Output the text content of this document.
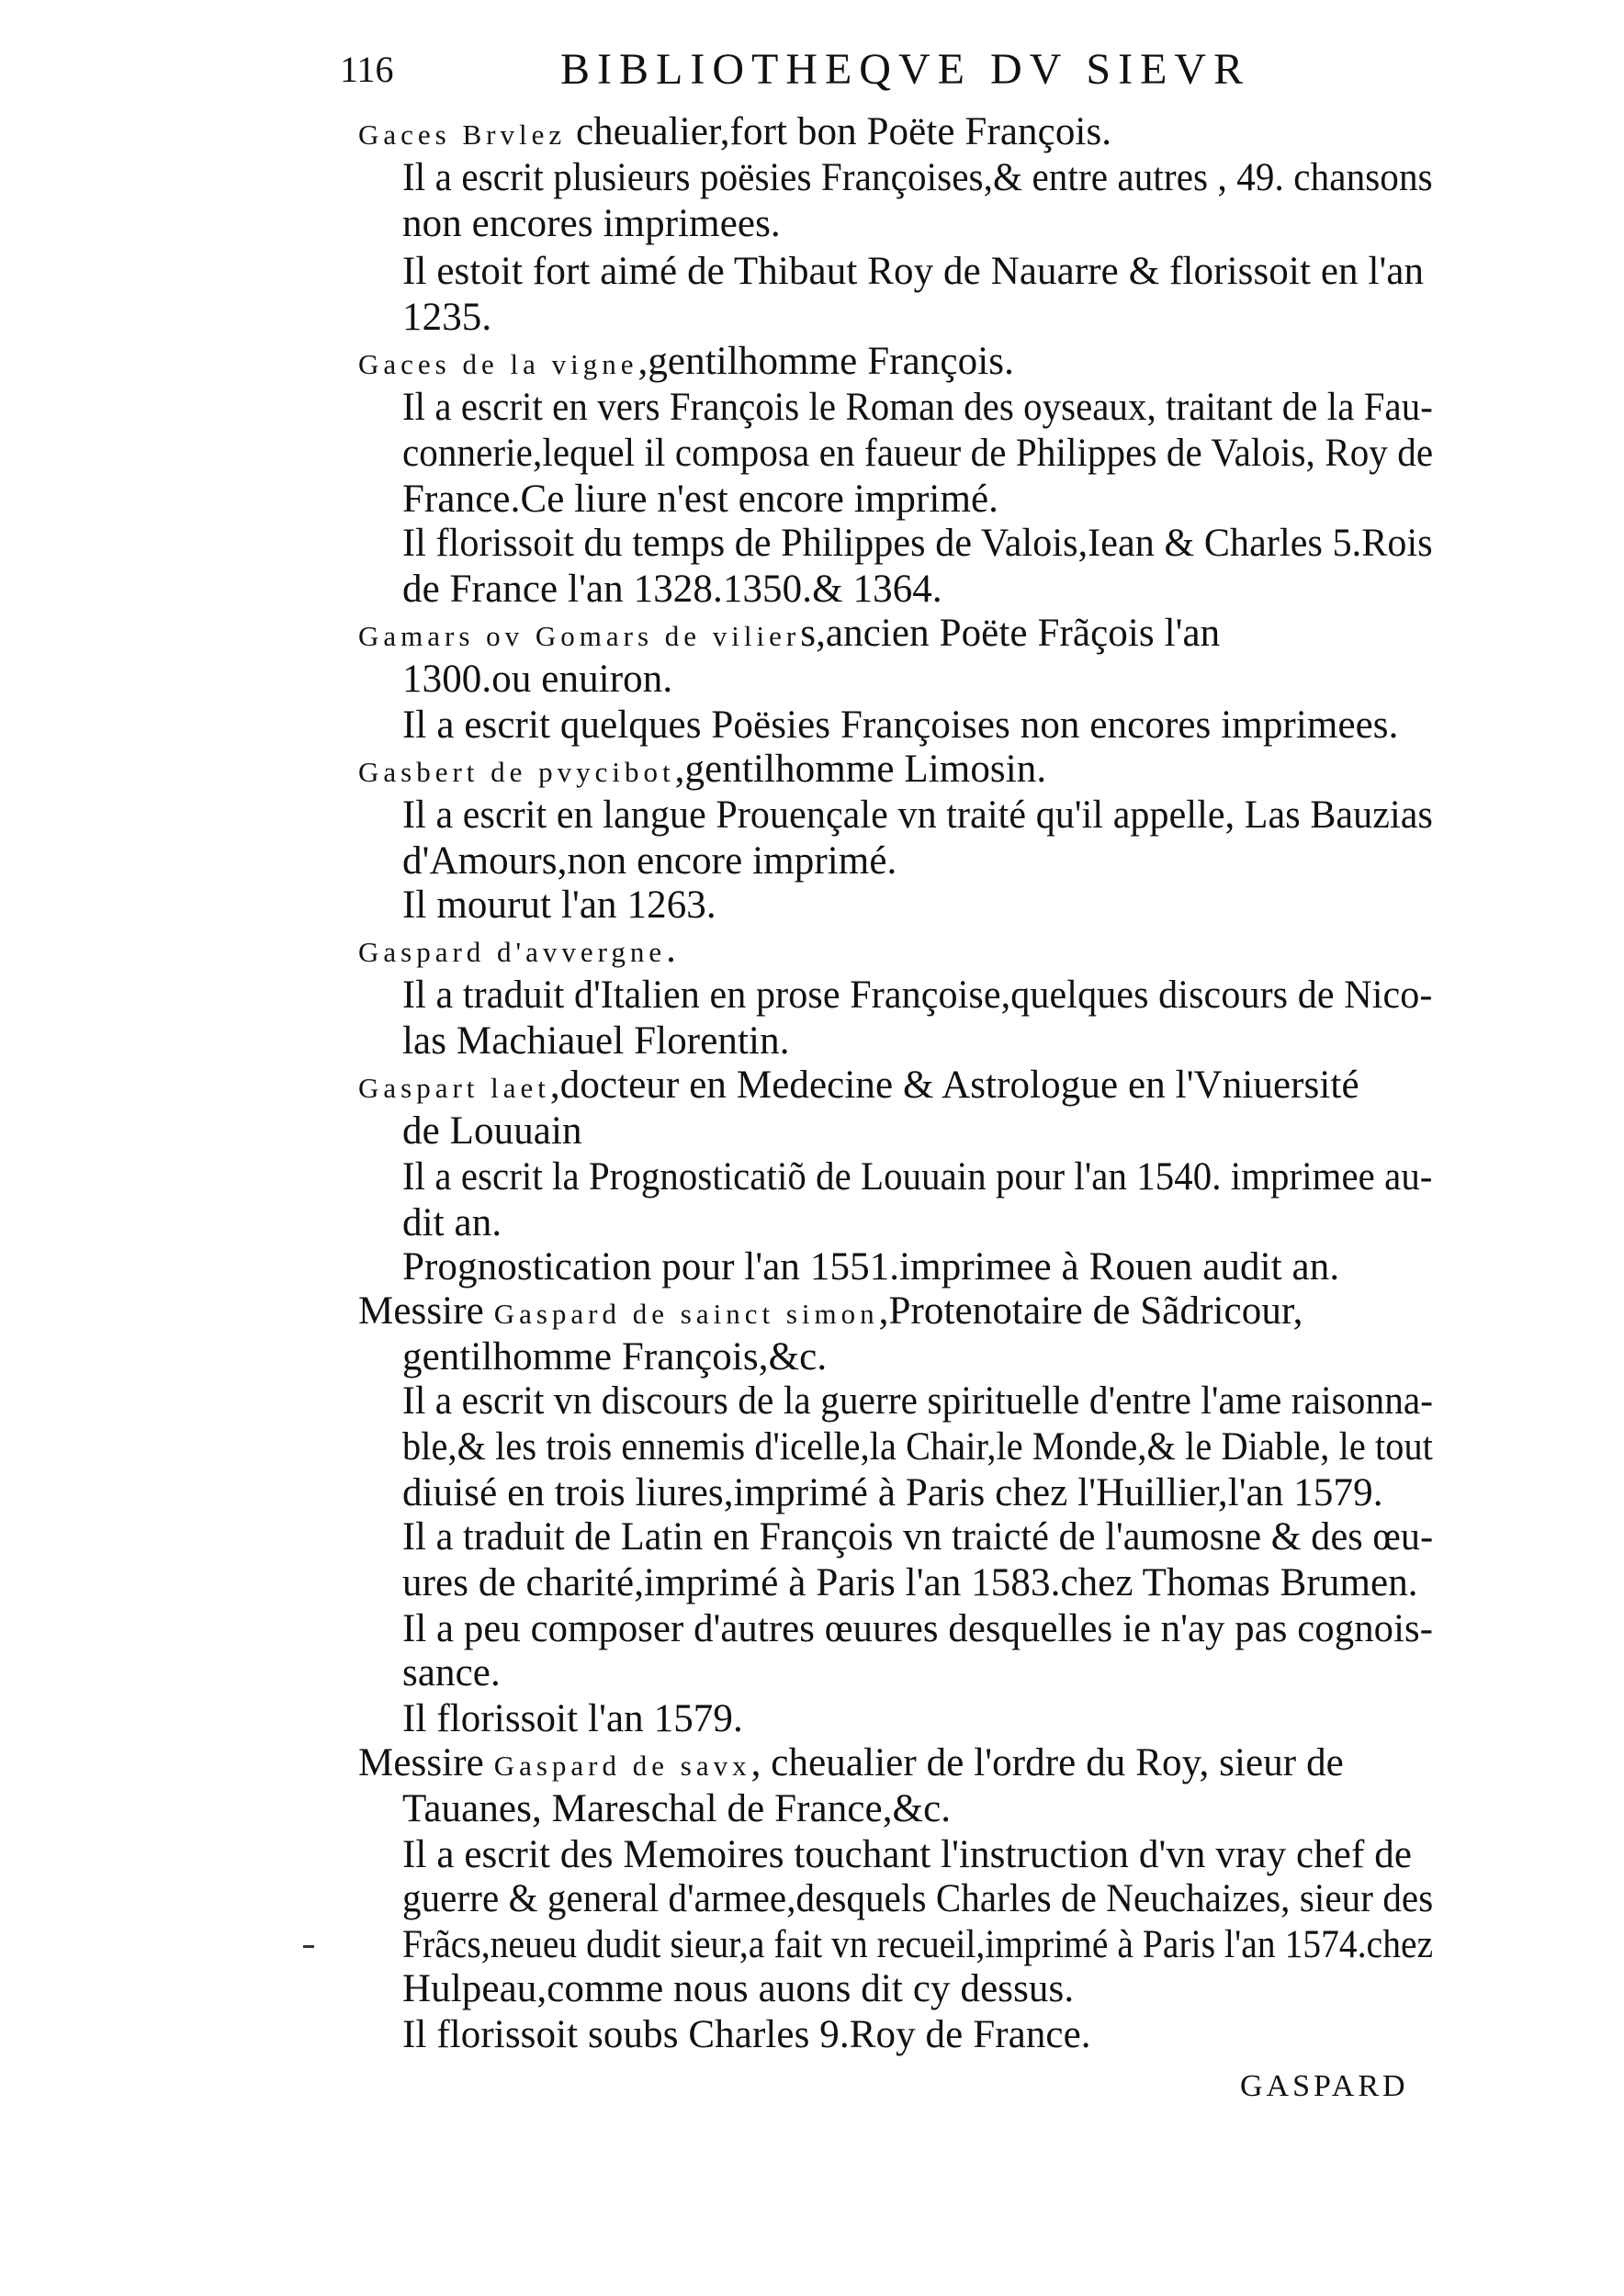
116	BIBLIOTHEQVE DV SIEVR
Gaces Brvlez cheualier,fort bon Poëte François.
Il a escrit plusieurs poësies Françoises,& entre autres , 49. chansons
non encores imprimees.
Il estoit fort aimé de Thibaut Roy de Nauarre & florissoit en l'an
1235.
Gaces de la vigne,gentilhomme François.
Il a escrit en vers François le Roman des oyseaux, traitant de la Fau-
connerie,lequel il composa en faueur de Philippes de Valois, Roy de
France.Ce liure n'est encore imprimé.
Il florissoit du temps de Philippes de Valois,Iean & Charles 5.Rois
de France l'an 1328.1350.& 1364.
Gamars ov Gomars de viliers,ancien Poëte Frãçois l'an
1300.ou enuiron.
Il a escrit quelques Poësies Françoises non encores imprimees.
Gasbert de pvycibot,gentilhomme Limosin.
Il a escrit en langue Prouençale vn traité qu'il appelle, Las Bauzias
d'Amours,non encore imprimé.
Il mourut l'an 1263.
Gaspard d'avvergne.
Il a traduit d'Italien en prose Françoise,quelques discours de Nico-
las Machiauel Florentin.
Gaspart laet,docteur en Medecine & Astrologue en l'Vniuersité
de Louuain
Il a escrit la Prognosticatiõ de Louuain pour l'an 1540. imprimee au-
dit an.
Prognostication pour l'an 1551.imprimee à Rouen audit an.
Messire Gaspard de sainct simon,Protenotaire de Sãdricour,
gentilhomme François,&c.
Il a escrit vn discours de la guerre spirituelle d'entre l'ame raisonna-
ble,& les trois ennemis d'icelle,la Chair,le Monde,& le Diable, le tout
diuisé en trois liures,imprimé à Paris chez l'Huillier,l'an 1579.
Il a traduit de Latin en François vn traicté de l'aumosne & des œu-
ures de charité,imprimé à Paris l'an 1583.chez Thomas Brumen.
Il a peu composer d'autres œuures desquelles ie n'ay pas cognois-
sance.
Il florissoit l'an 1579.
Messire Gaspard de savx, cheualier de l'ordre du Roy, sieur de
Tauanes, Mareschal de France,&c.
Il a escrit des Memoires touchant l'instruction d'vn vray chef de
guerre & general d'armee,desquels Charles de Neuchaizes, sieur des
Frãcs,neueu dudit sieur,a fait vn recueil,imprimé à Paris l'an 1574.chez
Hulpeau,comme nous auons dit cy dessus.
Il florissoit soubs Charles 9.Roy de France.
GASPARD
